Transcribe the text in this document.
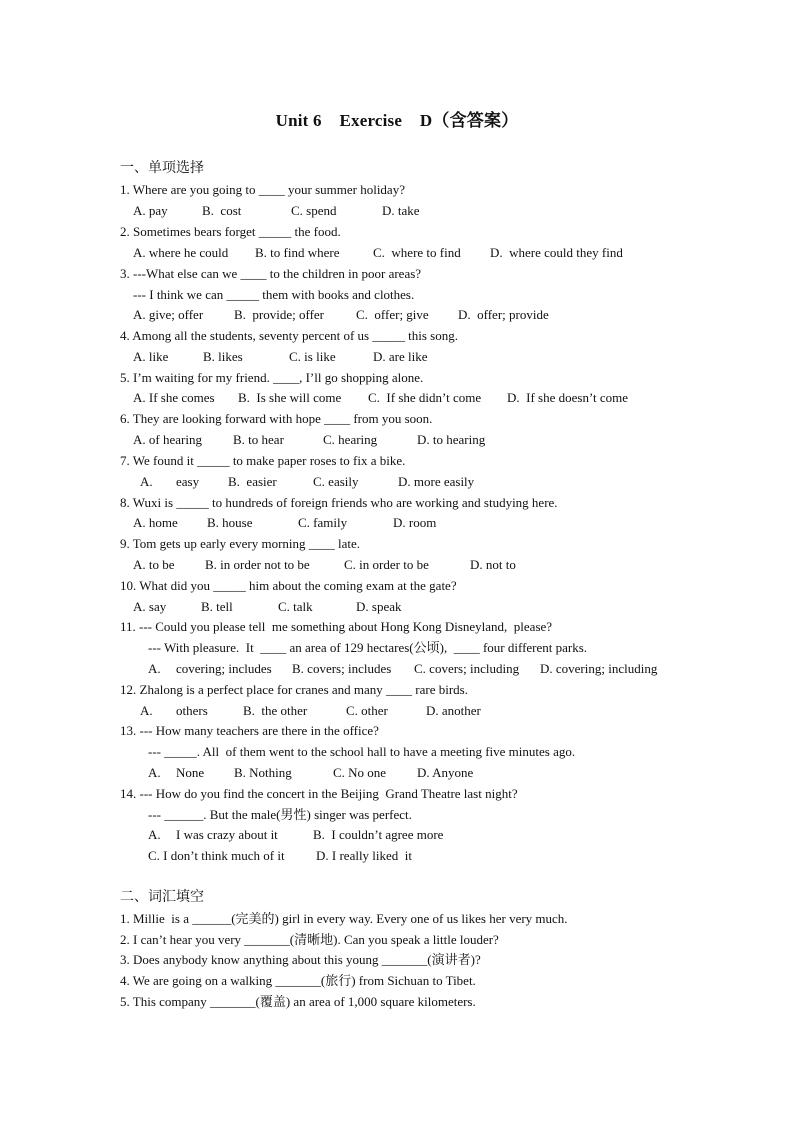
Unit 6    Exercise    D（含答案）
一、单项选择
1. Where are you going to ____ your summer holiday?
A. pay	B.  cost	C. spend	D. take
2. Sometimes bears forget _____ the food.
A. where he could B. to find where	C.  where to find D.  where could they find
3. ---What else can we ____ to the children in poor areas?
--- I think we can _____ them with books and clothes.
A. give; offer B.  provide; offer C.  offer; give D.  offer; provide
4. Among all the students, seventy percent of us _____ this song.
A. like	B. likes	C. is like	D. are like
5. I’m waiting for my friend. ____, I’ll go shopping alone.
A. If she comes B.  Is she will come C.  If she didn’t come D.  If she doesn’t come
6. They are looking forward with hope ____ from you soon.
A. of hearing B. to hear	C. hearing	D. to hearing
7. We found it _____ to make paper roses to fix a bike.
A. easy B.  easier	C. easily	D. more easily
8. Wuxi is _____ to hundreds of foreign friends who are working and studying here.
A. home B. house	C. family	D. room
9. Tom gets up early every morning ____ late.
A. to be B. in order not to be	C. in order to be	D. not to
10. What did you _____ him about the coming exam at the gate?
A. say	B. tell	C. talk	D. speak
11. --- Could you please tell  me something about Hong Kong Disneyland,  please?
--- With pleasure.  It  ____ an area of 129 hectares(公顷),  ____ four different parks.
A. covering; includes B. covers; includes C. covers; including D. covering; including
12. Zhalong is a perfect place for cranes and many ____ rare birds.
A. others	B.  the other	C. other	D. another
13. --- How many teachers are there in the office?
--- _____. All  of them went to the school hall to have a meeting five minutes ago.
A. None B. Nothing	C. No one D. Anyone
14. --- How do you find the concert in the Beijing  Grand Theatre last night?
--- ______. But the male(男性) singer was perfect.
A. I was crazy about it	B.  I couldn’t agree more
C. I don’t think much of it D. I really liked  it
二、词汇填空
1. Millie  is a ______(完美的) girl in every way. Every one of us likes her very much.
2. I can’t hear you very _______(清晰地). Can you speak a little louder?
3. Does anybody know anything about this young _______(演讲者)?
4. We are going on a walking _______(旅行) from Sichuan to Tibet.
5. This company _______(覆盖) an area of 1,000 square kilometers.
